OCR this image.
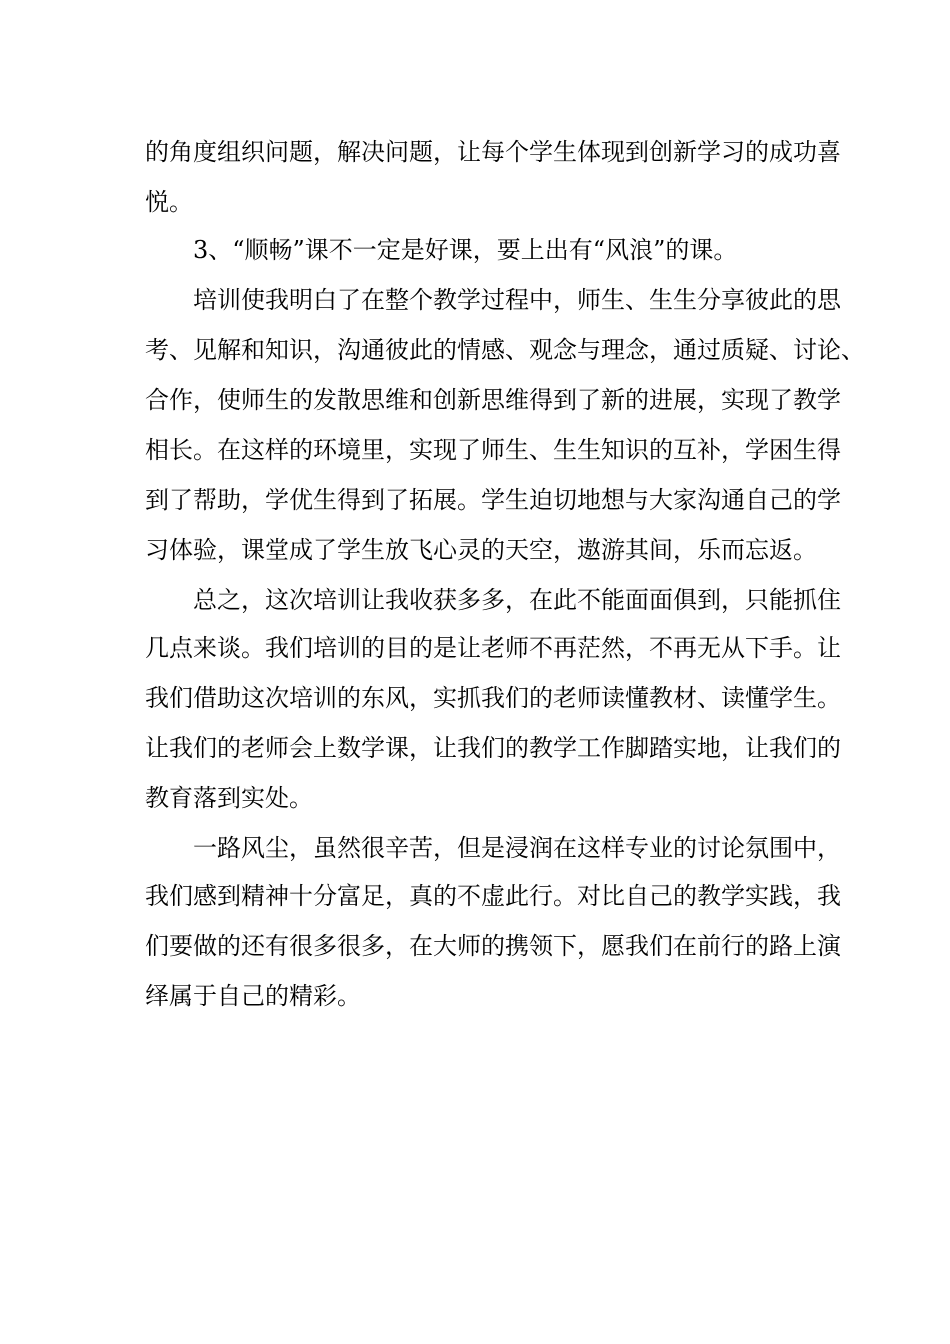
的角度组织问题，解决问题，让每个学生体现到创新学习的成功喜
悦。
3、“顺畅”课不一定是好课，要上出有“风浪”的课。
培训使我明白了在整个教学过程中，师生、生生分享彼此的思
考、见解和知识，沟通彼此的情感、观念与理念，通过质疑、讨论、
合作，使师生的发散思维和创新思维得到了新的进展，实现了教学
相长。在这样的环境里，实现了师生、生生知识的互补，学困生得
到了帮助，学优生得到了拓展。学生迫切地想与大家沟通自己的学
习体验，课堂成了学生放飞心灵的天空，遨游其间，乐而忘返。
总之，这次培训让我收获多多，在此不能面面俱到，只能抓住
几点来谈。我们培训的目的是让老师不再茫然，不再无从下手。让
我们借助这次培训的东风，实抓我们的老师读懂教材、读懂学生。
让我们的老师会上数学课，让我们的教学工作脚踏实地，让我们的
教育落到实处。
一路风尘，虽然很辛苦，但是浸润在这样专业的讨论氛围中，
我们感到精神十分富足，真的不虚此行。对比自己的教学实践，我
们要做的还有很多很多，在大师的携领下，愿我们在前行的路上演
绎属于自己的精彩。
